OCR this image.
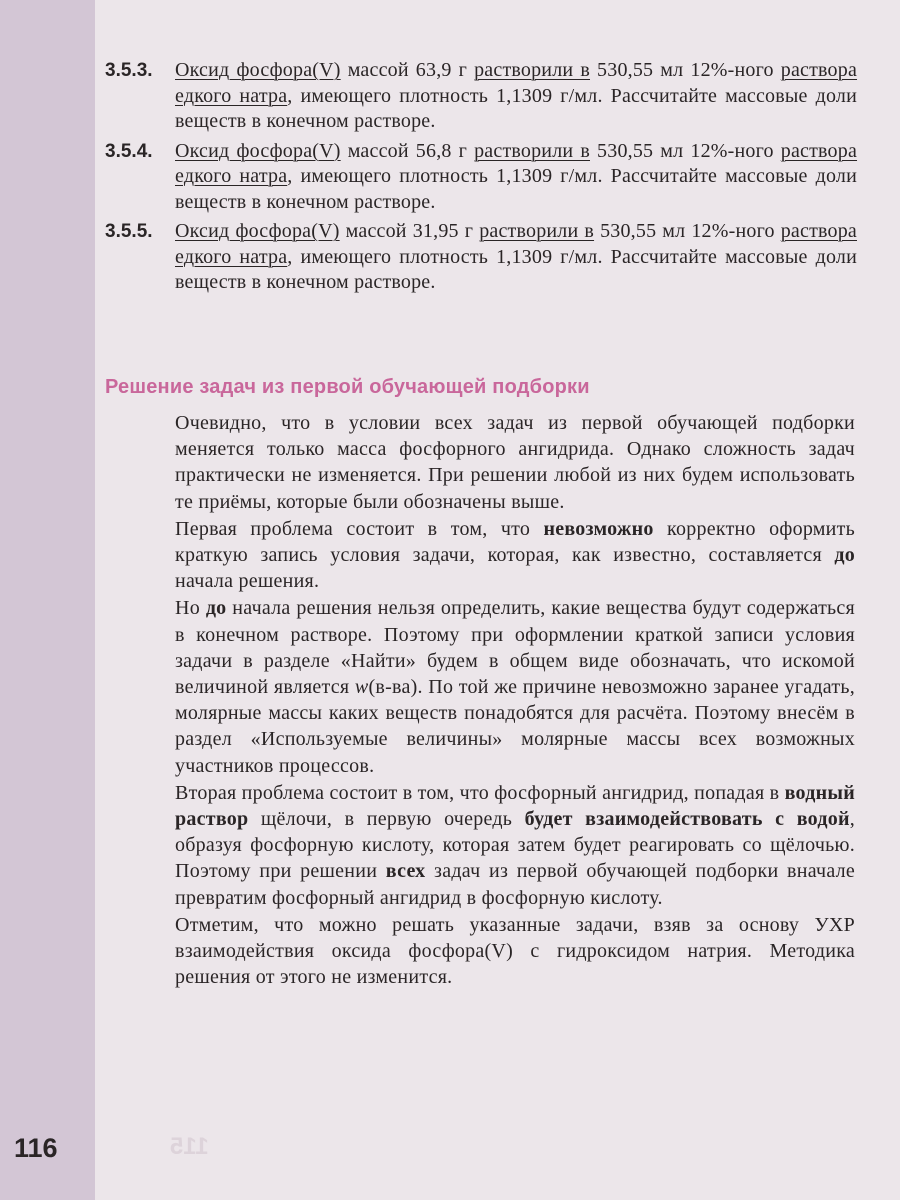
3.5.3.	Оксид фосфора(V) массой 63,9 г растворили в 530,55 мл 12%-ного раствора едкого натра, имеющего плотность 1,1309 г/мл. Рассчитайте массовые доли веществ в конечном растворе.
3.5.4.	Оксид фосфора(V) массой 56,8 г растворили в 530,55 мл 12%-ного раствора едкого натра, имеющего плотность 1,1309 г/мл. Рассчитайте массовые доли веществ в конечном растворе.
3.5.5.	Оксид фосфора(V) массой 31,95 г растворили в 530,55 мл 12%-ного раствора едкого натра, имеющего плотность 1,1309 г/мл. Рассчитайте массовые доли веществ в конечном растворе.
Решение задач из первой обучающей подборки

Очевидно, что в условии всех задач из первой обучающей подборки меняется только масса фосфорного ангидрида. Однако сложность задач практически не изменяется. При решении любой из них будем использовать те приёмы, которые были обозначены выше.

Первая проблема состоит в том, что невозможно корректно оформить краткую запись условия задачи, которая, как известно, составляется до начала решения.

Но до начала решения нельзя определить, какие вещества будут содержаться в конечном растворе. Поэтому при оформлении краткой записи условия задачи в разделе «Найти» будем в общем виде обозначать, что искомой величиной является w(в-ва). По той же причине невозможно заранее угадать, молярные массы каких веществ понадобятся для расчёта. Поэтому внесём в раздел «Используемые величины» молярные массы всех возможных участников процессов.

Вторая проблема состоит в том, что фосфорный ангидрид, попадая в водный раствор щёлочи, в первую очередь будет взаимодействовать с водой, образуя фосфорную кислоту, которая затем будет реагировать со щёлочью. Поэтому при решении всех задач из первой обучающей подборки вначале превратим фосфорный ангидрид в фосфорную кислоту.

Отметим, что можно решать указанные задачи, взяв за основу УХР взаимодействия оксида фосфора(V) с гидроксидом натрия. Методика решения от этого не изменится.

116	115
